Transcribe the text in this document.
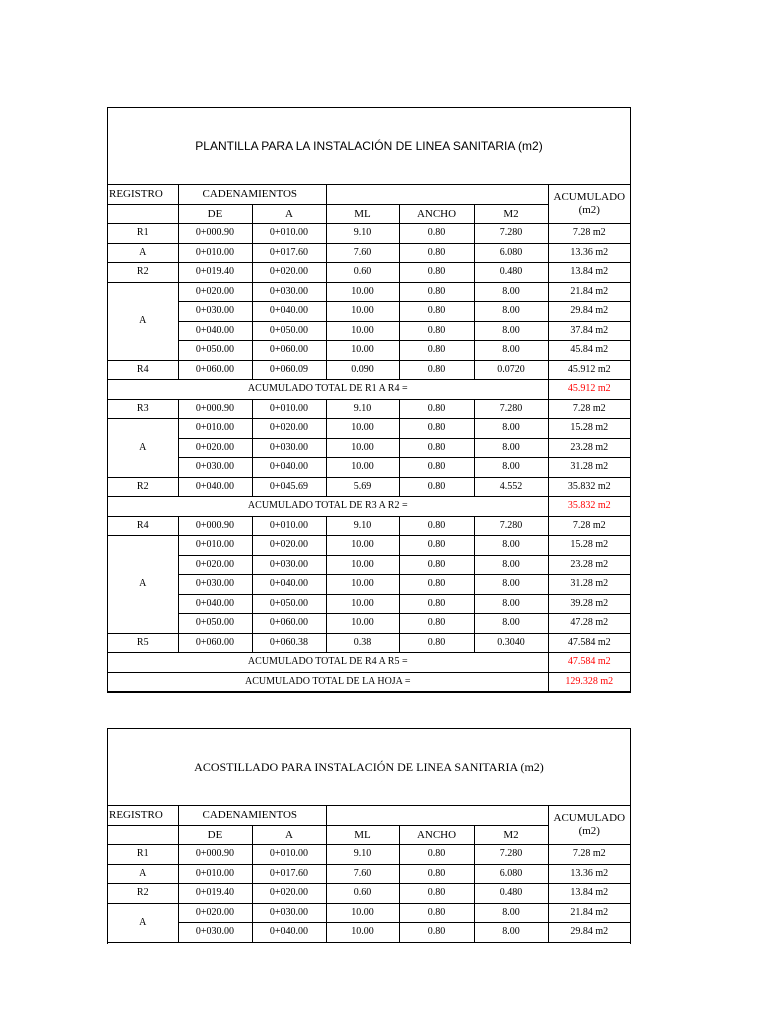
PLANTILLA PARA LA INSTALACIÓN DE LINEA SANITARIA (m2)
REGISTRO	CADENAMIENTOS					ACUMULADO
(m2)

	DE	A	ML	ANCHO	M2	
R1	0+000.90	0+010.00	9.10	0.80	7.280	7.28 m2
A	0+010.00	0+017.60	7.60	0.80	6.080	13.36 m2
R2	0+019.40	0+020.00	0.60	0.80	0.480	13.84 m2
A	0+020.00	0+030.00	10.00	0.80	8.00	21.84 m2
	0+030.00	0+040.00	10.00	0.80	8.00	29.84 m2
	0+040.00	0+050.00	10.00	0.80	8.00	37.84 m2
	0+050.00	0+060.00	10.00	0.80	8.00	45.84 m2
R4	0+060.00	0+060.09	0.090	0.80	0.0720	45.912 m2
ACUMULADO TOTAL DE R1 A R4 =						45.912 m2
R3	0+000.90	0+010.00	9.10	0.80	7.280	7.28 m2
A	0+010.00	0+020.00	10.00	0.80	8.00	15.28 m2
	0+020.00	0+030.00	10.00	0.80	8.00	23.28 m2
	0+030.00	0+040.00	10.00	0.80	8.00	31.28 m2
R2	0+040.00	0+045.69	5.69	0.80	4.552	35.832 m2
ACUMULADO TOTAL DE R3 A R2 =						35.832 m2
R4	0+000.90	0+010.00	9.10	0.80	7.280	7.28 m2
A	0+010.00	0+020.00	10.00	0.80	8.00	15.28 m2
	0+020.00	0+030.00	10.00	0.80	8.00	23.28 m2
	0+030.00	0+040.00	10.00	0.80	8.00	31.28 m2
	0+040.00	0+050.00	10.00	0.80	8.00	39.28 m2
	0+050.00	0+060.00	10.00	0.80	8.00	47.28 m2
R5	0+060.00	0+060.38	0.38	0.80	0.3040	47.584 m2
ACUMULADO TOTAL DE R4 A R5 =						47.584 m2
ACUMULADO TOTAL DE LA HOJA =						129.328 m2
ACOSTILLADO PARA INSTALACIÓN DE LINEA SANITARIA (m2)
REGISTRO	CADENAMIENTOS					ACUMULADO
(m2)

	DE	A	ML	ANCHO	M2	
R1	0+000.90	0+010.00	9.10	0.80	7.280	7.28 m2
A	0+010.00	0+017.60	7.60	0.80	6.080	13.36 m2
R2	0+019.40	0+020.00	0.60	0.80	0.480	13.84 m2
A	0+020.00	0+030.00	10.00	0.80	8.00	21.84 m2
	0+030.00	0+040.00	10.00	0.80	8.00	29.84 m2
